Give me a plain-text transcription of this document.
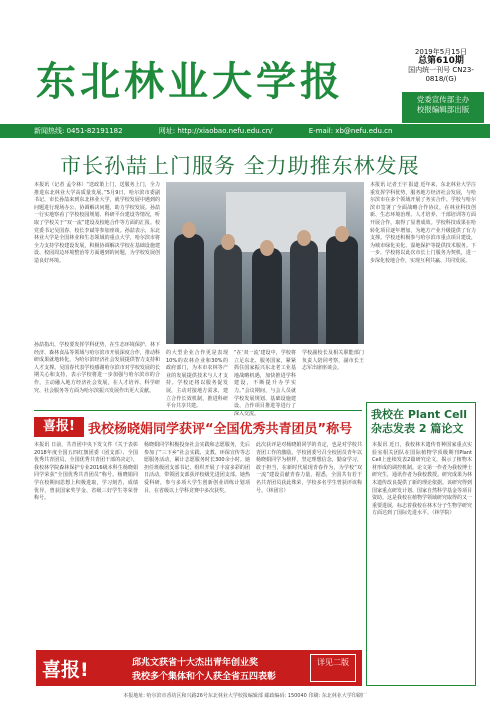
东北林业大学报
2019年5月15日
总第610期
国内统一刊号 CN23-0818/(G)
党委宣传部主办
校报编辑部出版
新闻热线: 0451-82191182	网址: http://xiaobao.nefu.edu.cn/	E-mail: xb@nefu.edu.cn
市长孙喆上门服务 全力助推东林发展
本报讯（记者 孟令林）“送政策上门，送服务上门，全力推进东北林业大学高质量发展。”5月9日，哈尔滨市委副书记、市长孙喆来到东北林业大学，就学校发展中遇到的问题进行现场办公，协调解决问题，助力学校发展。孙喆一行实地察看了学校校园规划、科研平台建设等情况，听取了学校关于“双一流”建设及校地合作等方面的汇报。校党委书记吴国春、校长李斌等参加座谈。孙喆表示，东北林业大学是全国林业和生态领域的重点大学，哈尔滨市将全力支持学校建设发展，积极协调解决学校在基础设施建设、校园周边环境整治等方面遇到的问题，为学校发展创造良好环境。
本报讯 记者王宇 报道 近年来，东北林业大学注重发挥学科优势，服务地方经济社会发展，与哈尔滨市在多个领域开展了务实合作。学校与哈尔滨市签署了全面战略合作协议，在林业科技创新、生态环境治理、人才培养、干部培训等方面开展合作，取得了显著成效。学校科技成果在哈转化项目逐年增加，为地方产业升级提供了有力支撑。学校还积极参与哈尔滨市重点项目建设，为城市绿化美化、湿地保护等提供技术服务。下一步，学校将以此次市长上门服务为契机，进一步深化校地合作，实现互利共赢、共同发展。
孙喆指出，学校要发挥学科优势，在生态环境保护、林下经济、森林食品等领域与哈尔滨市开展深度合作，推动科研成果就地转化，为哈尔滨经济社会发展提供智力支持和人才支撑。吴国春代表学校感谢哈尔滨市对学校发展的长期关心和支持，表示学校将进一步加强与哈尔滨市的合作，主动融入地方经济社会发展，在人才培养、科学研究、社会服务等方面为哈尔滨振兴发展作出更大贡献。
的大型企业合作更是表现10%的农林企业和30%的政府部门，为本市农林等产业的发展提供技术与人才支持。学校还将以服务促发展，主动对接地方需求，建立合作长效机制，推进科研平台共享共建。
“在‘双一流’建设中，学校将立足东北、服务国家，紧紧抓住国家振兴东北老工业基地战略机遇，加快推进学科建设，不断提升办学实力。”会议期间，与会人员就学校发展规划、基础设施建设、合作项目推进等进行了深入交流。
学校副校长及相关职能部门负责人陪同考察，副市长王志军出席座谈会。
喜报!	我校杨晓娟同学获评“全国优秀共青团员”称号
本报讯 日前，共青团中央下发文件《关于表彰2018年度全国五四红旗团委（团支部）、全国优秀共青团员、全国优秀共青团干部的决定》，我校林学院森林保护专业2016级本科生杨晓娟同学荣获“全国优秀共青团员”称号。杨晓娟同学在校期间思想上积极进取，学习刻苦，成绩优异，曾获国家奖学金、省级三好学生等荣誉称号。
杨晓娟同学积极投身社会实践和志愿服务，先后参加了“三下乡”社会实践、支教、环保宣传等志愿服务活动，累计志愿服务时长300余小时。她担任班级团支部书记，组织开展了丰富多彩的团日活动，带领团支部获评校级先进团支部。她热爱科研，参与多项大学生创新创业训练计划项目，在省级以上学科竞赛中多次获奖。
此次获评是对杨晓娟同学的肯定，也是对学校共青团工作的激励。学校团委号召全校团员青年以杨晓娟同学为榜样，坚定理想信念，勤奋学习，敢于担当，在新时代展现青春作为，为学校“双一流”建设贡献青春力量。据悉，全国共有若干名共青团员获此殊荣，学校多名学生曾获评该称号。（林团宣）
我校在 Plant Cell 杂志发表 2 篇论文
本报讯 近日，我校林木遗传育种国家重点实验室相关团队在国际植物学顶级期刊Plant Cell上连续发表2篇研究论文，揭示了植物木材形成的调控机制。论文第一作者为我校博士研究生，通讯作者为我校教授。研究成果为林木遗传改良提供了新的理论依据。该研究得到国家重点研发计划、国家自然科学基金等项目资助。这是我校在植物学领域研究取得的又一重要进展，标志着我校在林木分子生物学研究方面达到了国际先进水平。（林学院）
喜报!	邱兆文获省十大杰出青年创业奖
我校多个集体和个人获全省五四表彰
详见二版
本报地址: 哈尔滨市香坊区和兴路26号东北林业大学校报编辑部 邮政编码: 150040 印刷: 东北林业大学印刷厂
